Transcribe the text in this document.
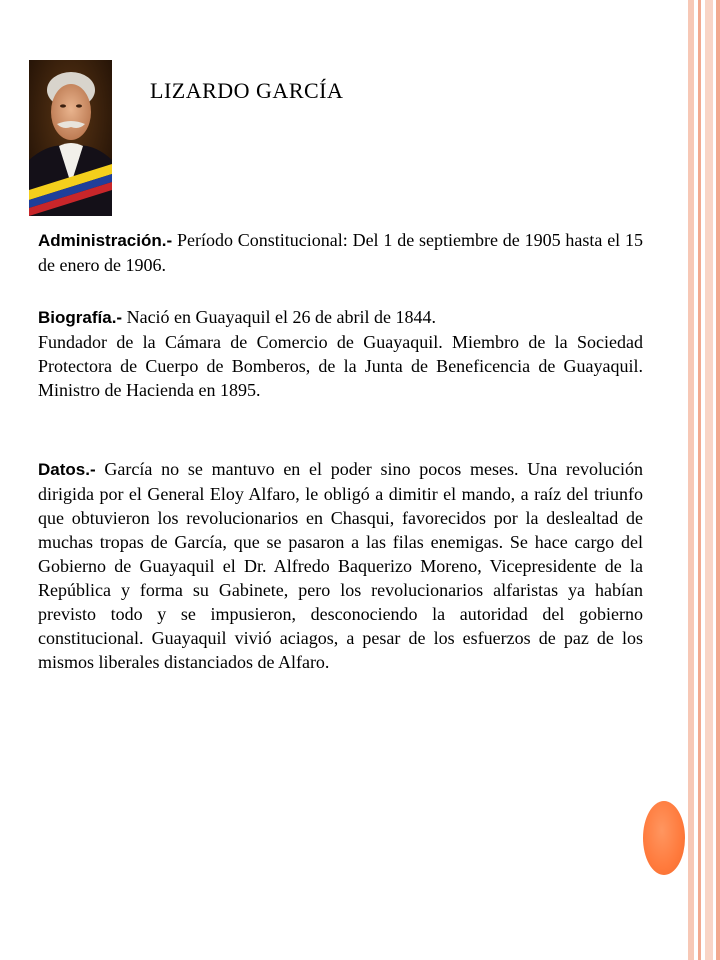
LIZARDO GARCÍA

Administración.- Período Constitucional: Del 1 de septiembre de 1905 hasta el 15 de enero de 1906.

Biografía.- Nació en Guayaquil el 26 de abril de 1844.
Fundador de la Cámara de Comercio de Guayaquil. Miembro de la Sociedad Protectora de Cuerpo de Bomberos, de la Junta de Beneficencia de Guayaquil. Ministro de Hacienda en 1895.

Datos.- García no se mantuvo en el poder sino pocos meses. Una revolución dirigida por el General Eloy Alfaro, le obligó a dimitir el mando, a raíz del triunfo que obtuvieron los revolucionarios en Chasqui, favorecidos por la deslealtad de muchas tropas de García, que se pasaron a las filas enemigas. Se hace cargo del Gobierno de Guayaquil el Dr. Alfredo Baquerizo Moreno, Vicepresidente de la República y forma su Gabinete, pero los revolucionarios alfaristas ya habían previsto todo y se impusieron, desconociendo la autoridad del gobierno constitucional. Guayaquil vivió aciagos, a pesar de los esfuerzos de paz de los mismos liberales distanciados de Alfaro.
